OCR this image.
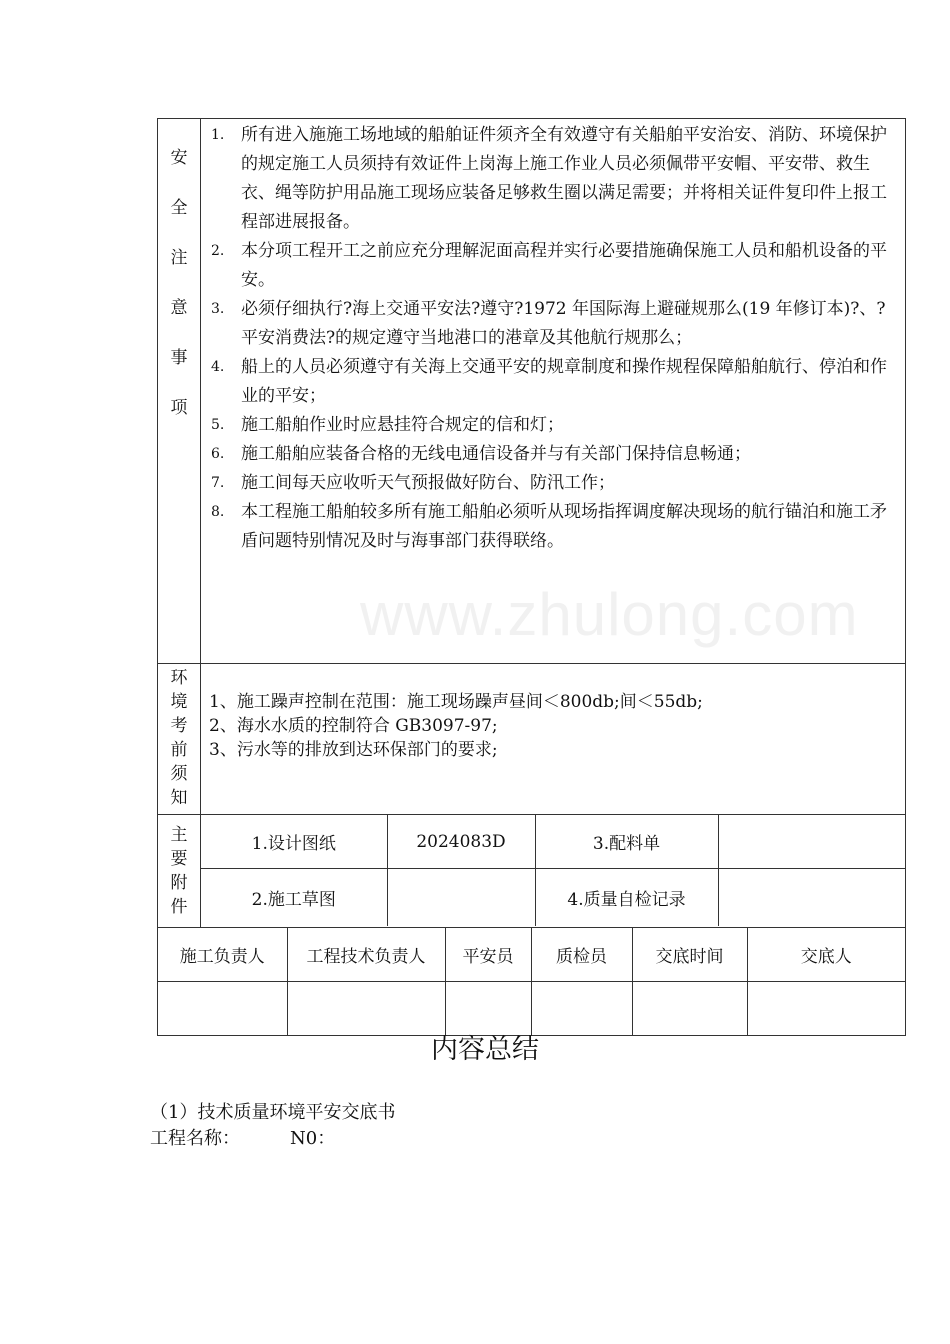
www.zhulong.com
安
全
注
意
事
项

1. 所有进入施施工场地域的船舶证件须齐全有效遵守有关船舶平安治安、消防、环境保护的规定施工人员须持有效证件上岗海上施工作业人员必须佩带平安帽、平安带、救生衣、绳等防护用品施工现场应装备足够救生圈以满足需要；并将相关证件复印件上报工程部进展报备。
2. 本分项工程开工之前应充分理解泥面高程并实行必要措施确保施工人员和船机设备的平安。
3. 必须仔细执行?海上交通平安法?遵守?1972 年国际海上避碰规那么(19 年修订本)?、?平安消费法?的规定遵守当地港口的港章及其他航行规那么；
4. 船上的人员必须遵守有关海上交通平安的规章制度和操作规程保障船舶航行、停泊和作业的平安；
5. 施工船舶作业时应悬挂符合规定的信和灯；
6. 施工船舶应装备合格的无线电通信设备并与有关部门保持信息畅通；
7. 施工间每天应收听天气预报做好防台、防汛工作；
8. 本工程施工船舶较多所有施工船舶必须听从现场指挥调度解决现场的航行锚泊和施工矛盾问题特别情况及时与海事部门获得联络。

环
境
考
前
须
知

1、施工躁声控制在范围：施工现场躁声昼间＜800db;间＜55db;
2、海水水质的控制符合 GB3097-97;
3、污水等的排放到达环保部门的要求;

主
要
附
件

1.设计图纸	2024083D	3.配料单	
2.施工草图		4.质量自检记录	

施工负责人	工程技术负责人	平安员	质检员	交底时间	交底人

内容总结
（1）技术质量环境平安交底书
工程名称：	N0：
